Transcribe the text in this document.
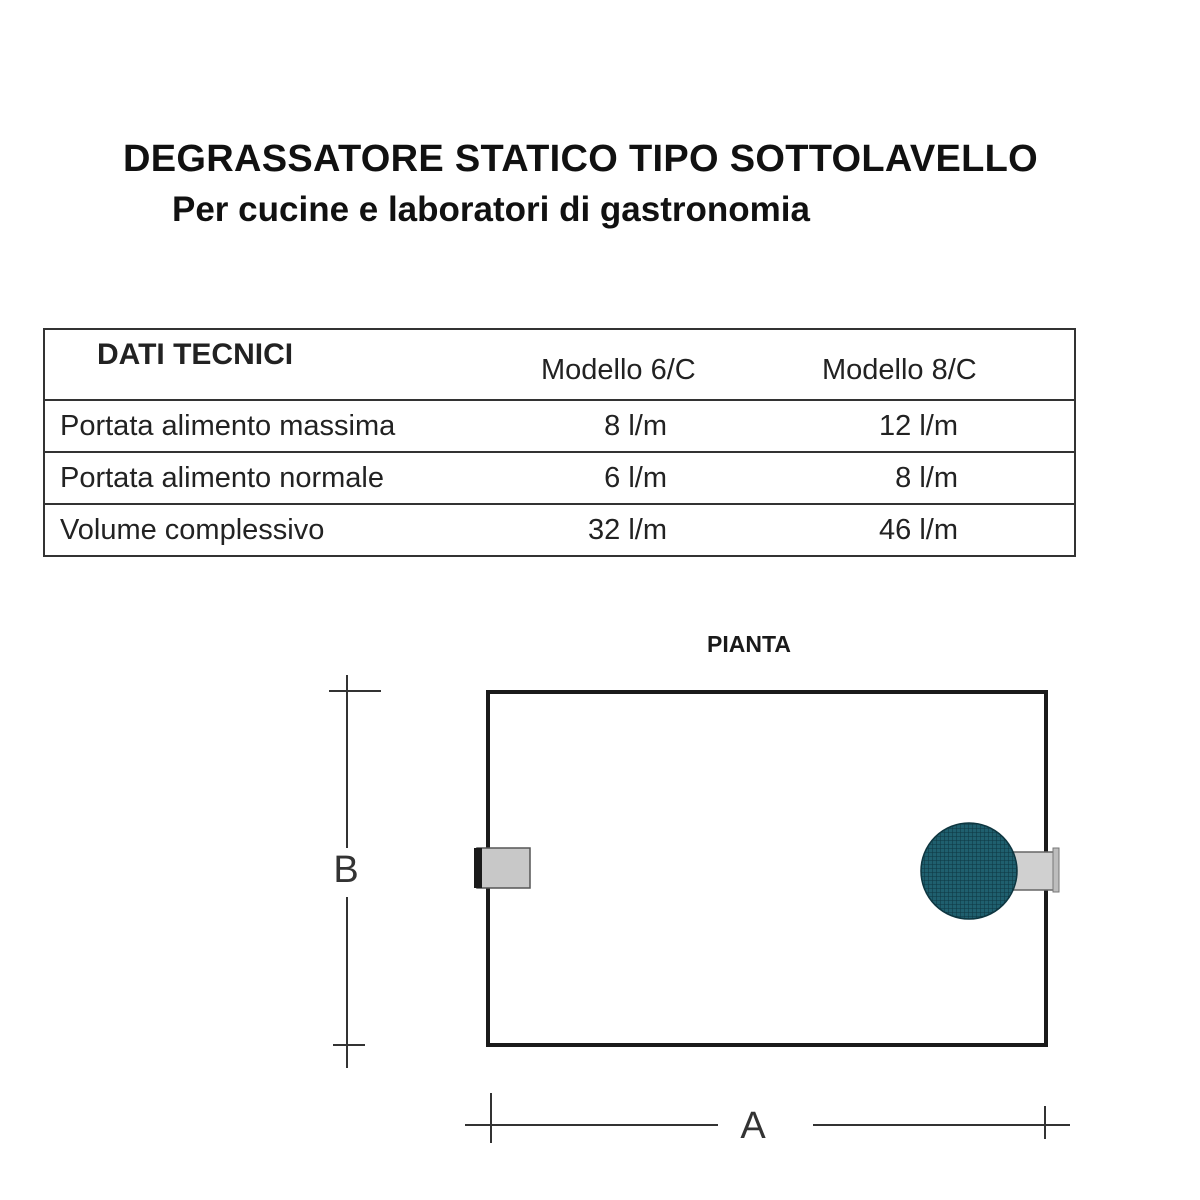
DEGRASSATORE STATICO TIPO SOTTOLAVELLO
Per cucine e laboratori di gastronomia
DATI TECNICI	Modello 6/C	Modello 8/C
Portata alimento massima	8 l/m	12 l/m
Portata alimento normale	6 l/m	8 l/m
Volume complessivo	32 l/m	46 l/m
PIANTA
B
A
